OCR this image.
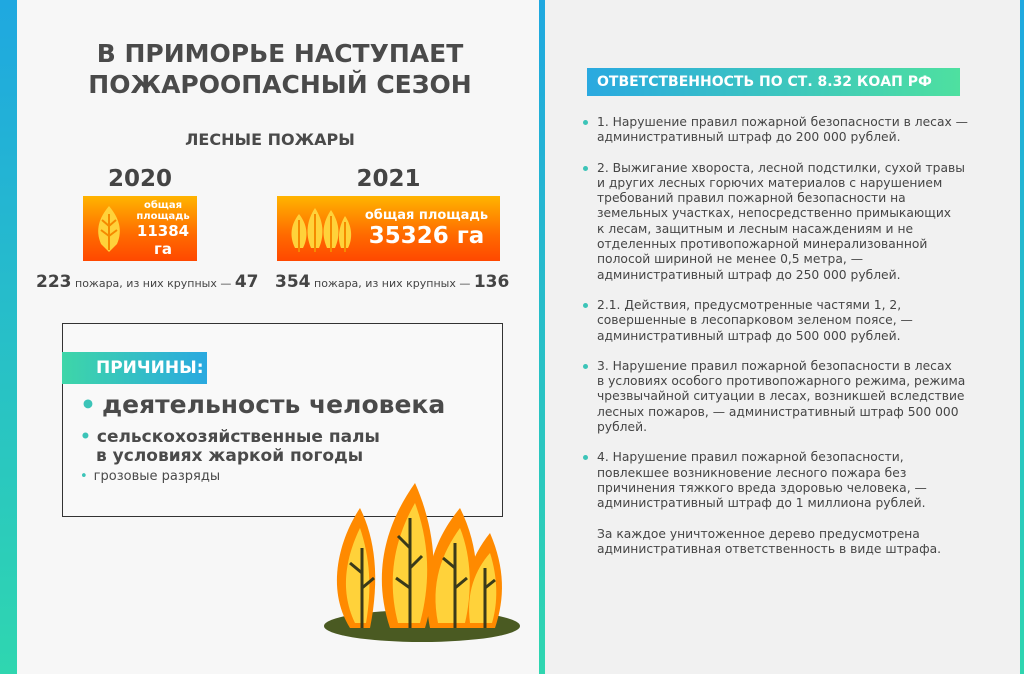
В ПРИМОРЬЕ НАСТУПАЕТ
ПОЖАРООПАСНЫЙ СЕЗОН
ЛЕСНЫЕ ПОЖАРЫ
2020
общая
площадь
11384 га
223 пожара, из них крупных — 47
2021
общая площадь
35326 га
354 пожара, из них крупных — 136
ПРИЧИНЫ:
• деятельность человека
• сельскохозяйственные палы
в условиях жаркой погоды
• грозовые разряды
ОТВЕТСТВЕННОСТЬ ПО СТ. 8.32 КОАП РФ
1. Нарушение правил пожарной безопасности в лесах —
административный штраф до 200 000 рублей.
2. Выжигание хвороста, лесной подстилки, сухой травы
и других лесных горючих материалов с нарушением
требований правил пожарной безопасности на
земельных участках, непосредственно примыкающих
к лесам, защитным и лесным насаждениям и не
отделенных противопожарной минерализованной
полосой шириной не менее 0,5 метра, —
административный штраф до 250 000 рублей.
2.1. Действия, предусмотренные частями 1, 2,
совершенные в лесопарковом зеленом поясе, —
административный штраф до 500 000 рублей.
3. Нарушение правил пожарной безопасности в лесах
в условиях особого противопожарного режима, режима
чрезвычайной ситуации в лесах, возникшей вследствие
лесных пожаров, — административный штраф 500 000
рублей.
4. Нарушение правил пожарной безопасности,
повлекшее возникновение лесного пожара без
причинения тяжкого вреда здоровью человека, —
административный штраф до 1 миллиона рублей.
За каждое уничтоженное дерево предусмотрена
административная ответственность в виде штрафа.
